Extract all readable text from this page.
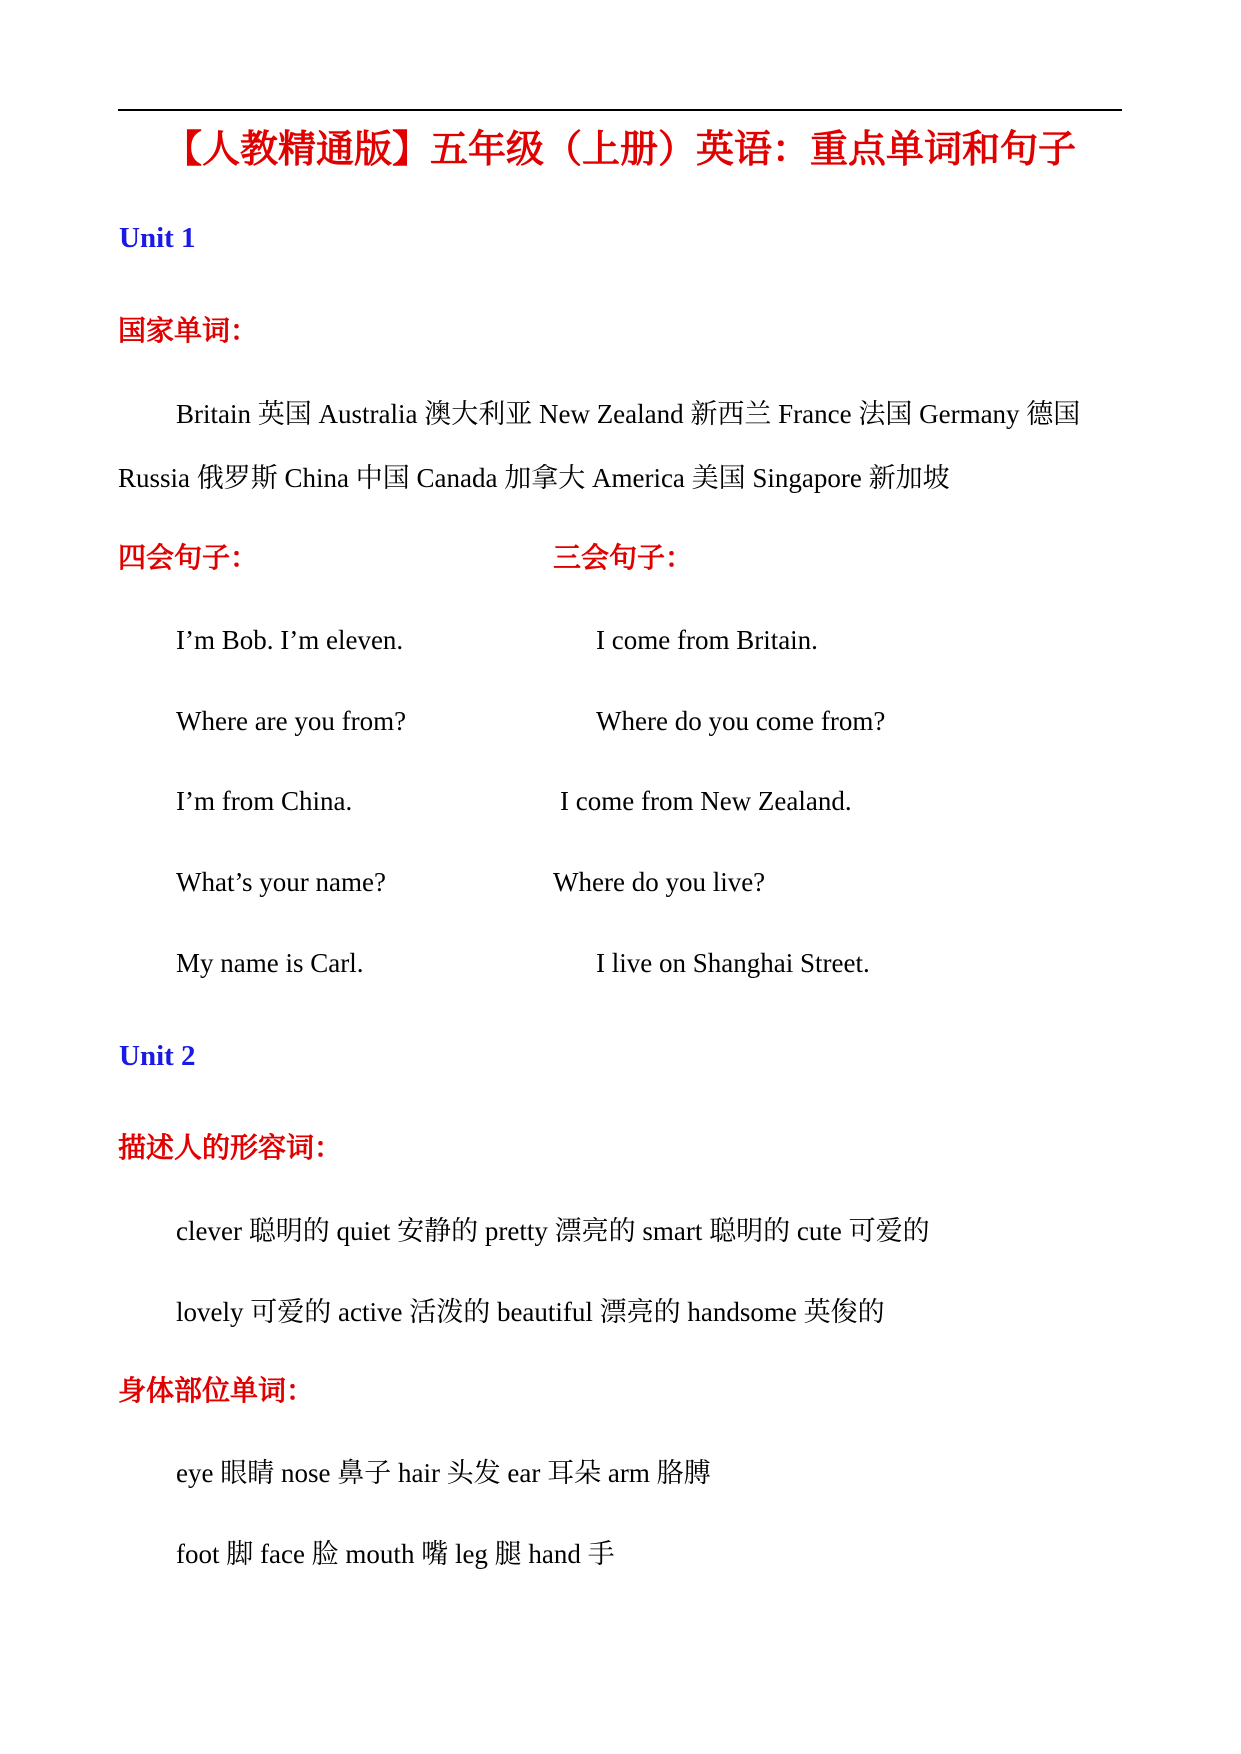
【人教精通版】五年级（上册）英语：重点单词和句子
Unit 1
国家单词：
Britain 英国 Australia 澳大利亚 New Zealand 新西兰 France 法国 Germany 德国
Russia 俄罗斯 China 中国 Canada 加拿大 America 美国 Singapore 新加坡
四会句子：	三会句子：
I’m Bob. I’m eleven.
Where are you from?
I’m from China.
What’s your name?
My name is Carl.
I come from Britain.
Where do you come from?
I come from New Zealand.
Where do you live?
I live on Shanghai Street.
Unit 2
描述人的形容词：
clever 聪明的 quiet 安静的 pretty 漂亮的 smart 聪明的 cute 可爱的
lovely 可爱的 active 活泼的 beautiful 漂亮的 handsome 英俊的
身体部位单词：
eye 眼睛 nose 鼻子 hair 头发 ear 耳朵 arm 胳膊
foot 脚 face 脸 mouth 嘴 leg 腿 hand 手
